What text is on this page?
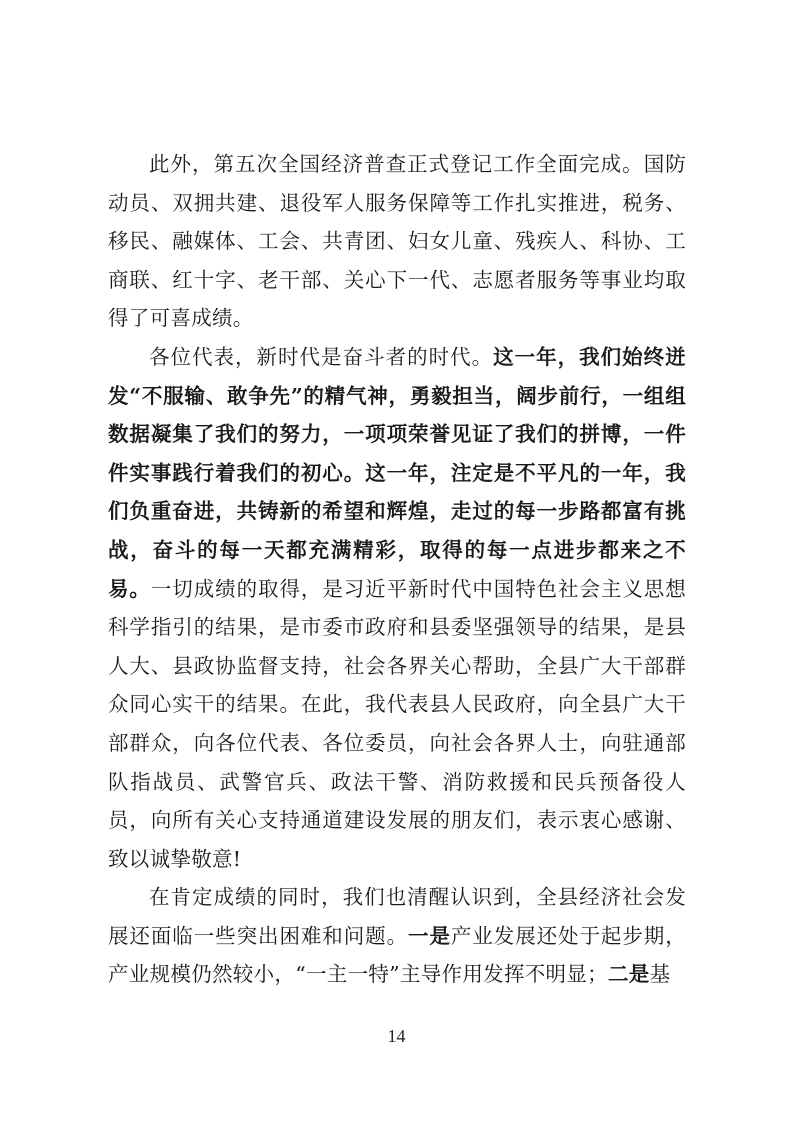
此外，第五次全国经济普查正式登记工作全面完成。国防动员、双拥共建、退役军人服务保障等工作扎实推进，税务、移民、融媒体、工会、共青团、妇女儿童、残疾人、科协、工商联、红十字、老干部、关心下一代、志愿者服务等事业均取得了可喜成绩。

各位代表，新时代是奋斗者的时代。这一年，我们始终迸发“不服输、敢争先”的精气神，勇毅担当，阔步前行，一组组数据凝集了我们的努力，一项项荣誉见证了我们的拼博，一件件实事践行着我们的初心。这一年，注定是不平凡的一年，我们负重奋进，共铸新的希望和辉煌，走过的每一步路都富有挑战，奋斗的每一天都充满精彩，取得的每一点进步都来之不易。一切成绩的取得，是习近平新时代中国特色社会主义思想科学指引的结果，是市委市政府和县委坚强领导的结果，是县人大、县政协监督支持，社会各界关心帮助，全县广大干部群众同心实干的结果。在此，我代表县人民政府，向全县广大干部群众，向各位代表、各位委员，向社会各界人士，向驻通部队指战员、武警官兵、政法干警、消防救援和民兵预备役人员，向所有关心支持通道建设发展的朋友们，表示衷心感谢、致以诚挚敬意!

在肯定成绩的同时，我们也清醒认识到，全县经济社会发展还面临一些突出困难和问题。一是产业发展还处于起步期，产业规模仍然较小，“一主一特”主导作用发挥不明显；二是基

14
